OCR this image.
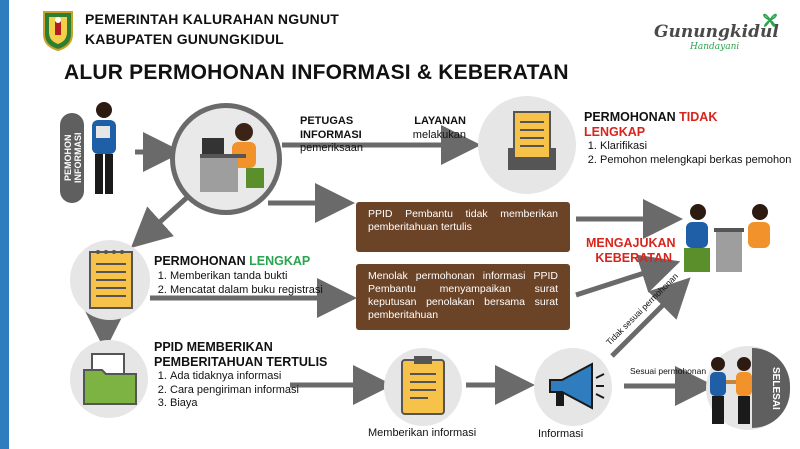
PEMERINTAH KALURAHAN NGUNUT
KABUPATEN GUNUNGKIDUL	Gunungkidul
Handayani
ALUR PERMOHONAN INFORMASI & KEBERATAN
PEMOHON INFORMASI
PETUGAS LAYANAN INFORMASI melakukan pemeriksaan
PERMOHONAN TIDAK LENGKAP
1. Klarifikasi
2. Pemohon melengkapi berkas pemohon
PPID Pembantu tidak memberikan pemberitahuan tertulis
Menolak permohonan informasi PPID Pembantu menyampaikan surat keputusan penolakan bersama surat pemberitahuan
MENGAJUKAN KEBERATAN
PERMOHONAN LENGKAP
1. Memberikan tanda bukti
2. Mencatat dalam buku registrasi
PPID MEMBERIKAN PEMBERITAHUAN TERTULIS
1. Ada tidaknya informasi
2. Cara pengiriman informasi
3. Biaya
Memberikan informasi	Informasi
Sesuai permohonan
Tidak sesuai permohonan
SELESAI
